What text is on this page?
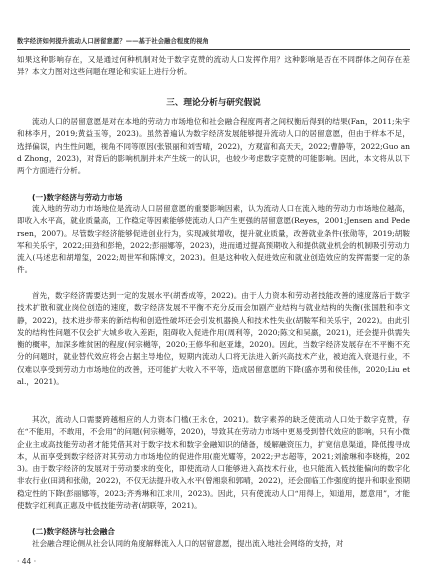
数字经济如何提升流动人口居留意愿？——基于社会融合程度的视角

如果这种影响存在，又是通过何种机制对处于数字克赞的流动人口发挥作用？这种影响是否在不同群体之间存在差异？本文力图对这些问题在理论和实证上进行分析。

三、理论分析与研究假说

流动人口的居留意愿是对在本地的劳动力市场地位和社会融合程度两者之间权衡后得到的结果(Fan，2011;朱宇和林李月，2019;黄益玉等，2023)。虽然普遍认为数字经济发展能够提升流动人口的居留意愿，但由于样本不足，选择偏误，内生性问题，视角不同等原因(张银丽和刘雪晴，2022)，方观富和高天天，2022;曹静等，2022;Guo and Zhong，2023)，对背后的影响机制并未产生统一的认识，也较少考虑数字克赞的可能影响。因此，本文将从以下两个方面进行分析。

(一)数字经济与劳动力市场

流入地的劳动力市场地位是流动人口居留意愿的重要影响因素，认为流动人口在流入地的劳动力市场地位越高，即收入水平高，就业质量高，工作稳定等因素能够使流动人口产生更强的居留意愿(Reyes，2001;Jensen and Pedersen，2007)。尽管数字经济能够促进创业行为，实现减贫增收，提升就业质量，改善就业条件(张勋等，2019;胡鞍军和关乐宇，2022;田劲和彭艳，2022;彭丽娜等，2023)，进而通过提高预期收入和提供就业机会的机制吸引劳动力流入(马述忠和胡增玺，2022;周世军和陈博文，2023)。但是这种收入促进效应和就业创造效应的发挥需要一定的条件。

首先，数字经济需要达到一定的发展水平(胡香成等，2022)。由于人力资本和劳动者技能改善的速度落后于数字技术扩散和就业岗位创造的速度，数字经济发展不平衡不充分反而会加剧产业结构与就业结构的失衡(张国胜和李文静，2022)，技术进步带来的新结构和创造性破坏还会引发机器换人和技术性失业(胡鞍军和关乐宇，2022)。由此引发的结构性问题不仅会扩大城乡收入差距，阻碍收入促进作用(周利等，2020;陈文和吴嬴，2021)，还会提升供需失衡的概率，加深多维贫困的程度(何宗樾等，2020;王修华和赵亚雄，2020)。因此，当数字经济发展存在不平衡不充分的问题时，就业替代效应将会占据主导地位，短期内流动人口将无法进入新兴高技术产业，被迫流入衰退行业，不仅难以享受到劳动力市场地位的改善，还可能扩大收入不平等，造成居留意愿的下降(盛亦男和侯佳伟，2020;Liu et al.，2021)。

其次，流动人口需要跨越相应的人力资本门槛(王永仓，2021)。数字素养的缺乏使流动人口处于数字克赞，存在“不能用，不敢用，不会用”的问题(何宗樾等，2020)，导致其在劳动力市场中更易受到替代效应的影响，只有小微企业主或高技能劳动者才能凭借其对于数字技术和数字金融知识的储备，缓解融资压力，扩宽信息渠道，降低搜寻成本，从而享受到数字经济对其劳动力市场地位的促进作用(鹿光耀等，2022;尹志超等，2021;刘渝琳和李晓梅，2023)。由于数字经济的发展对于劳动要求的变化，即使流动人口能够进入高技术行业，也只能流入低技能偏向的数字化非农行业(田鸿和张勋，2022)，不仅无法提升收入水平(曾湘泉和郭晴，2022)，还会面临工作强度的提升和职业预期稳定性的下降(彭丽娜等，2023;齐秀琳和江求川，2023)。因此，只有使流动人口“用得上，知道用，愿意用”，才能使数字红利真正惠及中低技能劳动者(胡联等，2021)。

(二)数字经济与社会融合

社会融合理论侧从社会认同的角度解释流入人口的居留意愿，提出流入地社会网络的支持，对

· 44 ·
